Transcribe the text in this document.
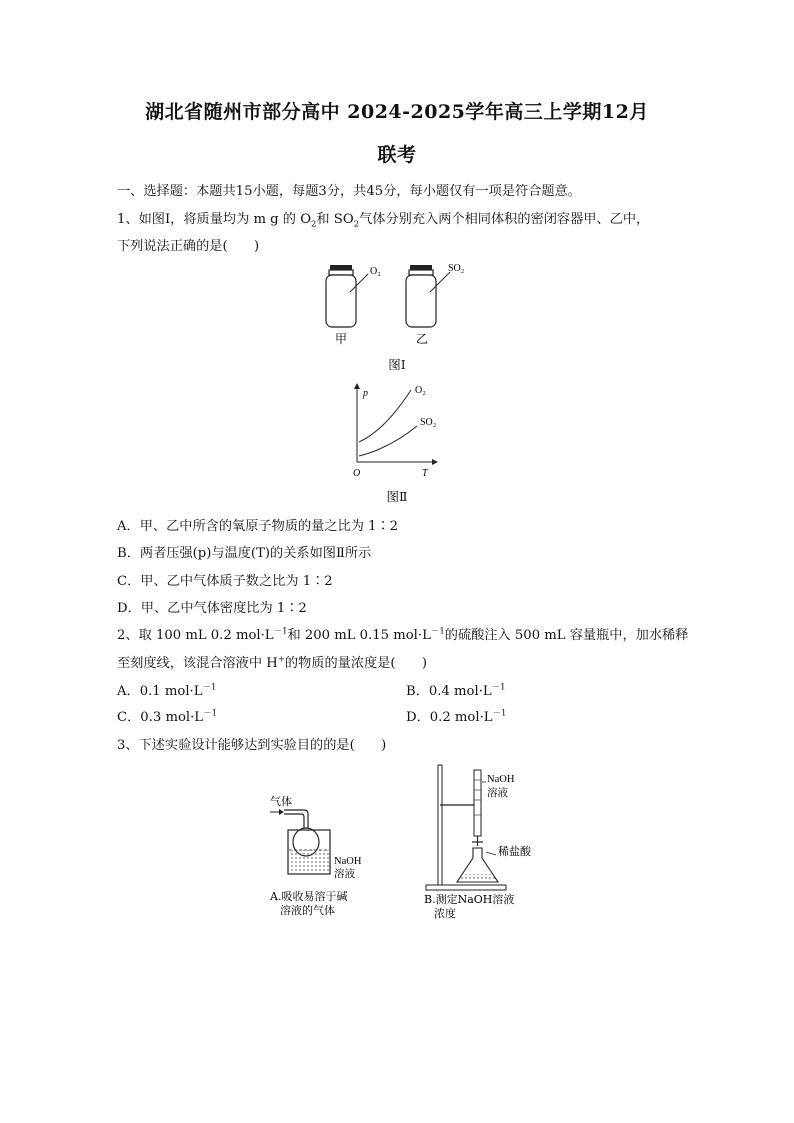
湖北省随州市部分高中 2024-2025学年高三上学期12月
联考
一、选择题：本题共15小题，每题3分，共45分，每小题仅有一项是符合题意。
1、如图Ⅰ，将质量均为 m g 的 $O_2$和 $SO_2$气体分别充入两个相同体积的密闭容器甲、乙中，
下列说法正确的是(　　)
O₂	SO₂
甲	乙
图Ⅰ
p
T
O
O₂
SO₂
图Ⅱ
A．甲、乙中所含的氧原子物质的量之比为 1∶2
B．两者压强(p)与温度(T)的关系如图Ⅱ所示
C．甲、乙中气体质子数之比为 1∶2
D．甲、乙中气体密度比为 1∶2
2、取 100 mL 0.2 $mol\cdot L^{-1}$和 200 mL 0.15 $mol\cdot L^{-1}$的硫酸注入 500 mL 容量瓶中，加水稀释
至刻度线，该混合溶液中 H+的物质的量浓度是(　　)
A．0.1 $mol\cdot L^{-1}$	B．0.4 $mol\cdot L^{-1}$
C．0.3 $mol\cdot L^{-1}$	D．0.2 $mol\cdot L^{-1}$
3、下述实验设计能够达到实验目的的是(　　)
气体
NaOH
溶液
A.吸收易溶于碱
溶液的气体
NaOH
溶液
稀盐酸
B.测定NaOH溶液
浓度
